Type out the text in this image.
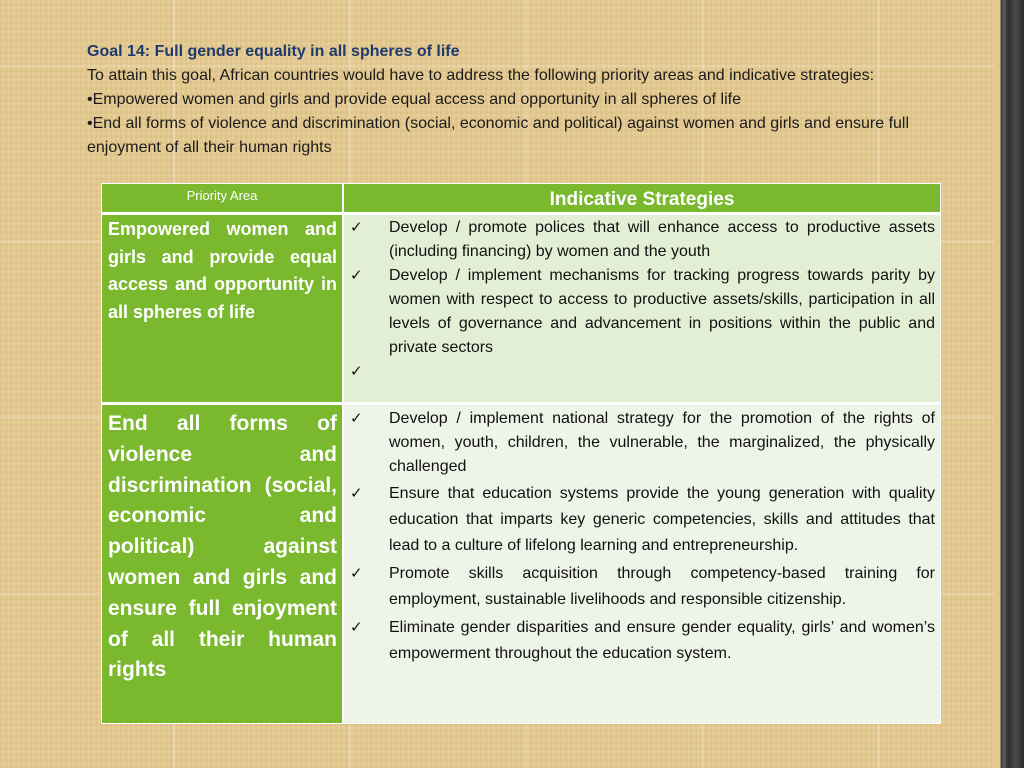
Goal 14: Full gender equality in all spheres of life
To attain this goal, African countries would have to address the following priority areas and indicative strategies:
•Empowered women and girls and provide equal access and opportunity in all spheres of life
•End all forms of violence and discrimination (social, economic and political) against women and girls and ensure full enjoyment of all their human rights
Priority Area	Indicative Strategies
Empowered women and girls and provide equal access and opportunity in all spheres of life
✓ Develop / promote polices that will enhance access to productive assets (including financing) by women and the youth
✓ Develop / implement mechanisms for tracking progress towards parity by women with respect to access to productive assets/skills, participation in all levels of governance and advancement in positions within the public and private sectors
✓
End all forms of violence and discrimination (social, economic and political) against women and girls and ensure full enjoyment of all their human rights
✓ Develop / implement national strategy for the promotion of the rights of women, youth, children, the vulnerable, the marginalized, the physically challenged
✓ Ensure that education systems provide the young generation with quality education that imparts key generic competencies, skills and attitudes that lead to a culture of lifelong learning and entrepreneurship.
✓ Promote skills acquisition through competency-based training for employment, sustainable livelihoods and responsible citizenship.
✓ Eliminate gender disparities and ensure gender equality, girls’ and women’s empowerment throughout the education system.
